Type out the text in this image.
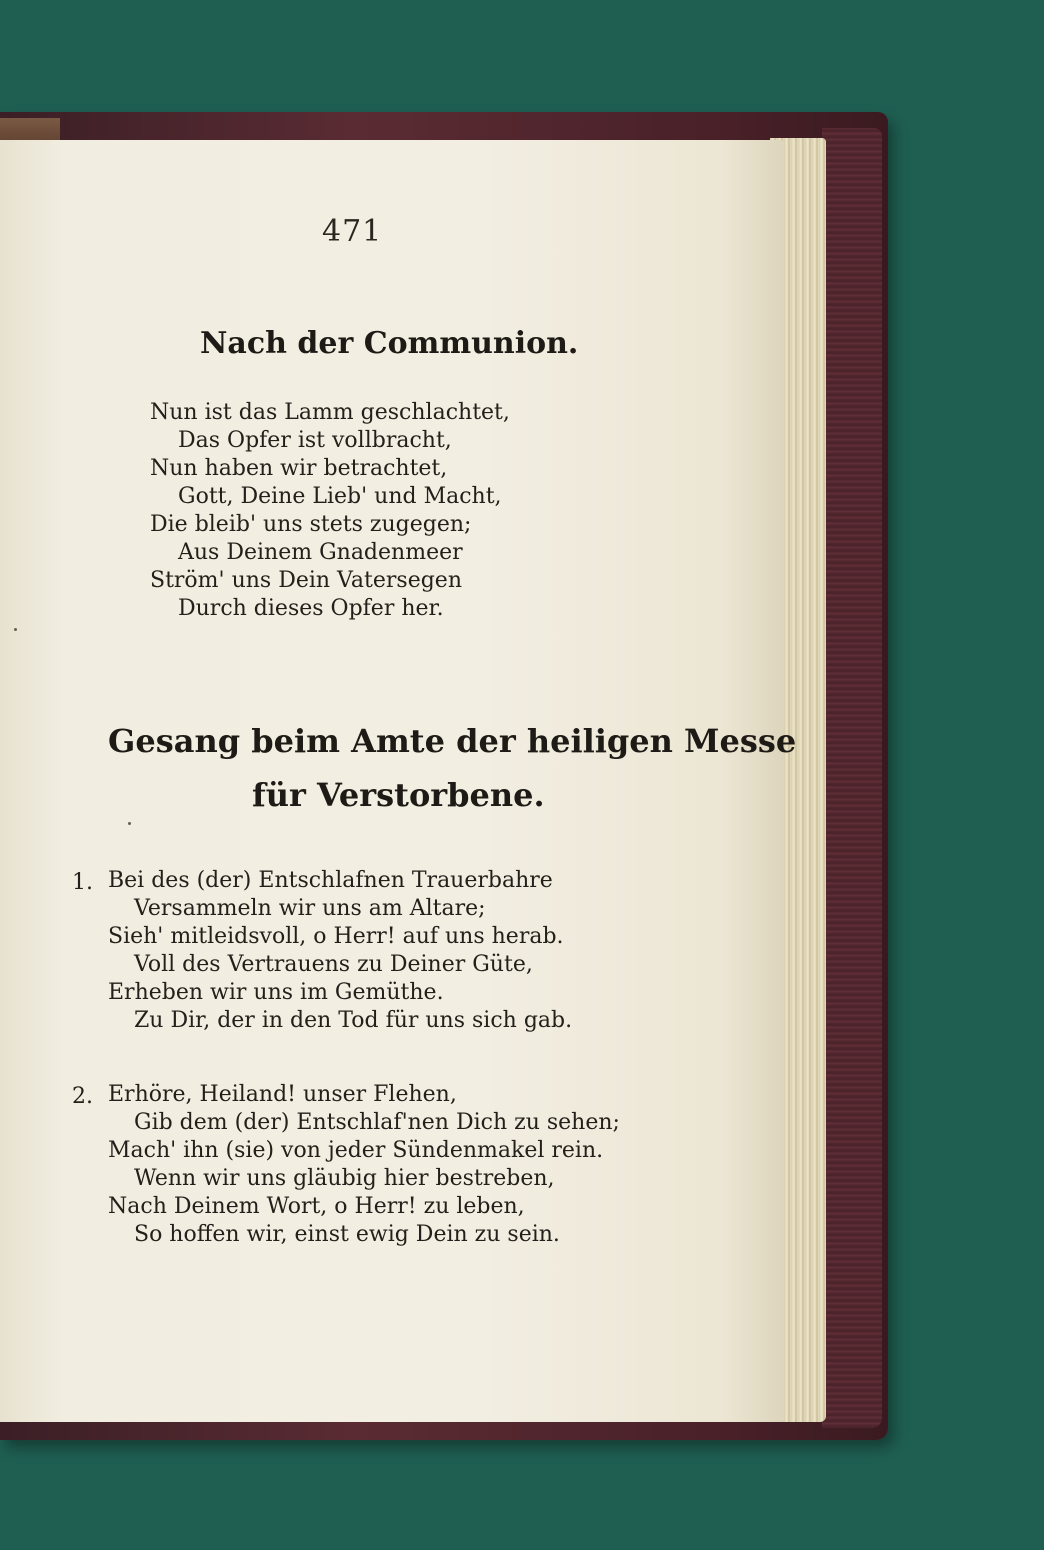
471
Nach der Communion.
Nun ist das Lamm geschlachtet,
Das Opfer ist vollbracht,
Nun haben wir betrachtet,
Gott, Deine Lieb' und Macht,
Die bleib' uns stets zugegen;
Aus Deinem Gnadenmeer
Ström' uns Dein Vatersegen
Durch dieses Opfer her.
Gesang beim Amte der heiligen Messe
für Verstorbene.
1. Bei des (der) Entschlafnen Trauerbahre
Versammeln wir uns am Altare;
Sieh' mitleidsvoll, o Herr! auf uns herab.
Voll des Vertrauens zu Deiner Güte,
Erheben wir uns im Gemüthe.
Zu Dir, der in den Tod für uns sich gab.
2. Erhöre, Heiland! unser Flehen,
Gib dem (der) Entschlaf'nen Dich zu sehen;
Mach' ihn (sie) von jeder Sündenmakel rein.
Wenn wir uns gläubig hier bestreben,
Nach Deinem Wort, o Herr! zu leben,
So hoffen wir, einst ewig Dein zu sein.
